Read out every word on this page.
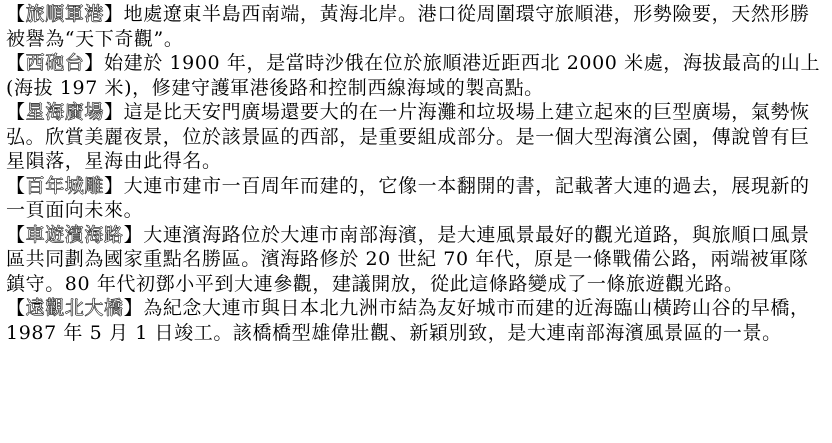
【旅順軍港】地處遼東半島西南端，黃海北岸。港口從周圍環守旅順港，形勢險要，天然形勝被譽為“天下奇觀”。

【西砲台】始建於 1900 年，是當時沙俄在位於旅順港近距西北 2000 米處，海拔最高的山上(海拔 197 米)，修建守護軍港後路和控制西線海域的製高點。

【星海廣場】這是比天安門廣場還要大的在一片海灘和垃圾場上建立起來的巨型廣場，氣勢恢弘。欣賞美麗夜景，位於該景區的西部，是重要組成部分。是一個大型海濱公園，傳說曾有巨星隕落，星海由此得名。

【百年城雕】大連市建市一百周年而建的，它像一本翻開的書，記載著大連的過去，展現新的一頁面向未來。

【車遊濱海路】大連濱海路位於大連市南部海濱，是大連風景最好的觀光道路，與旅順口風景區共同劃為國家重點名勝區。濱海路修於 20 世紀 70 年代，原是一條戰備公路，兩端被軍隊鎮守。80 年代初鄧小平到大連參觀，建議開放，從此這條路變成了一條旅遊觀光路。

【遠觀北大橋】為紀念大連市與日本北九洲市結為友好城市而建的近海臨山橫跨山谷的早橋，1987 年 5 月 1 日竣工。該橋橋型雄偉壯觀、新穎別致，是大連南部海濱風景區的一景。
